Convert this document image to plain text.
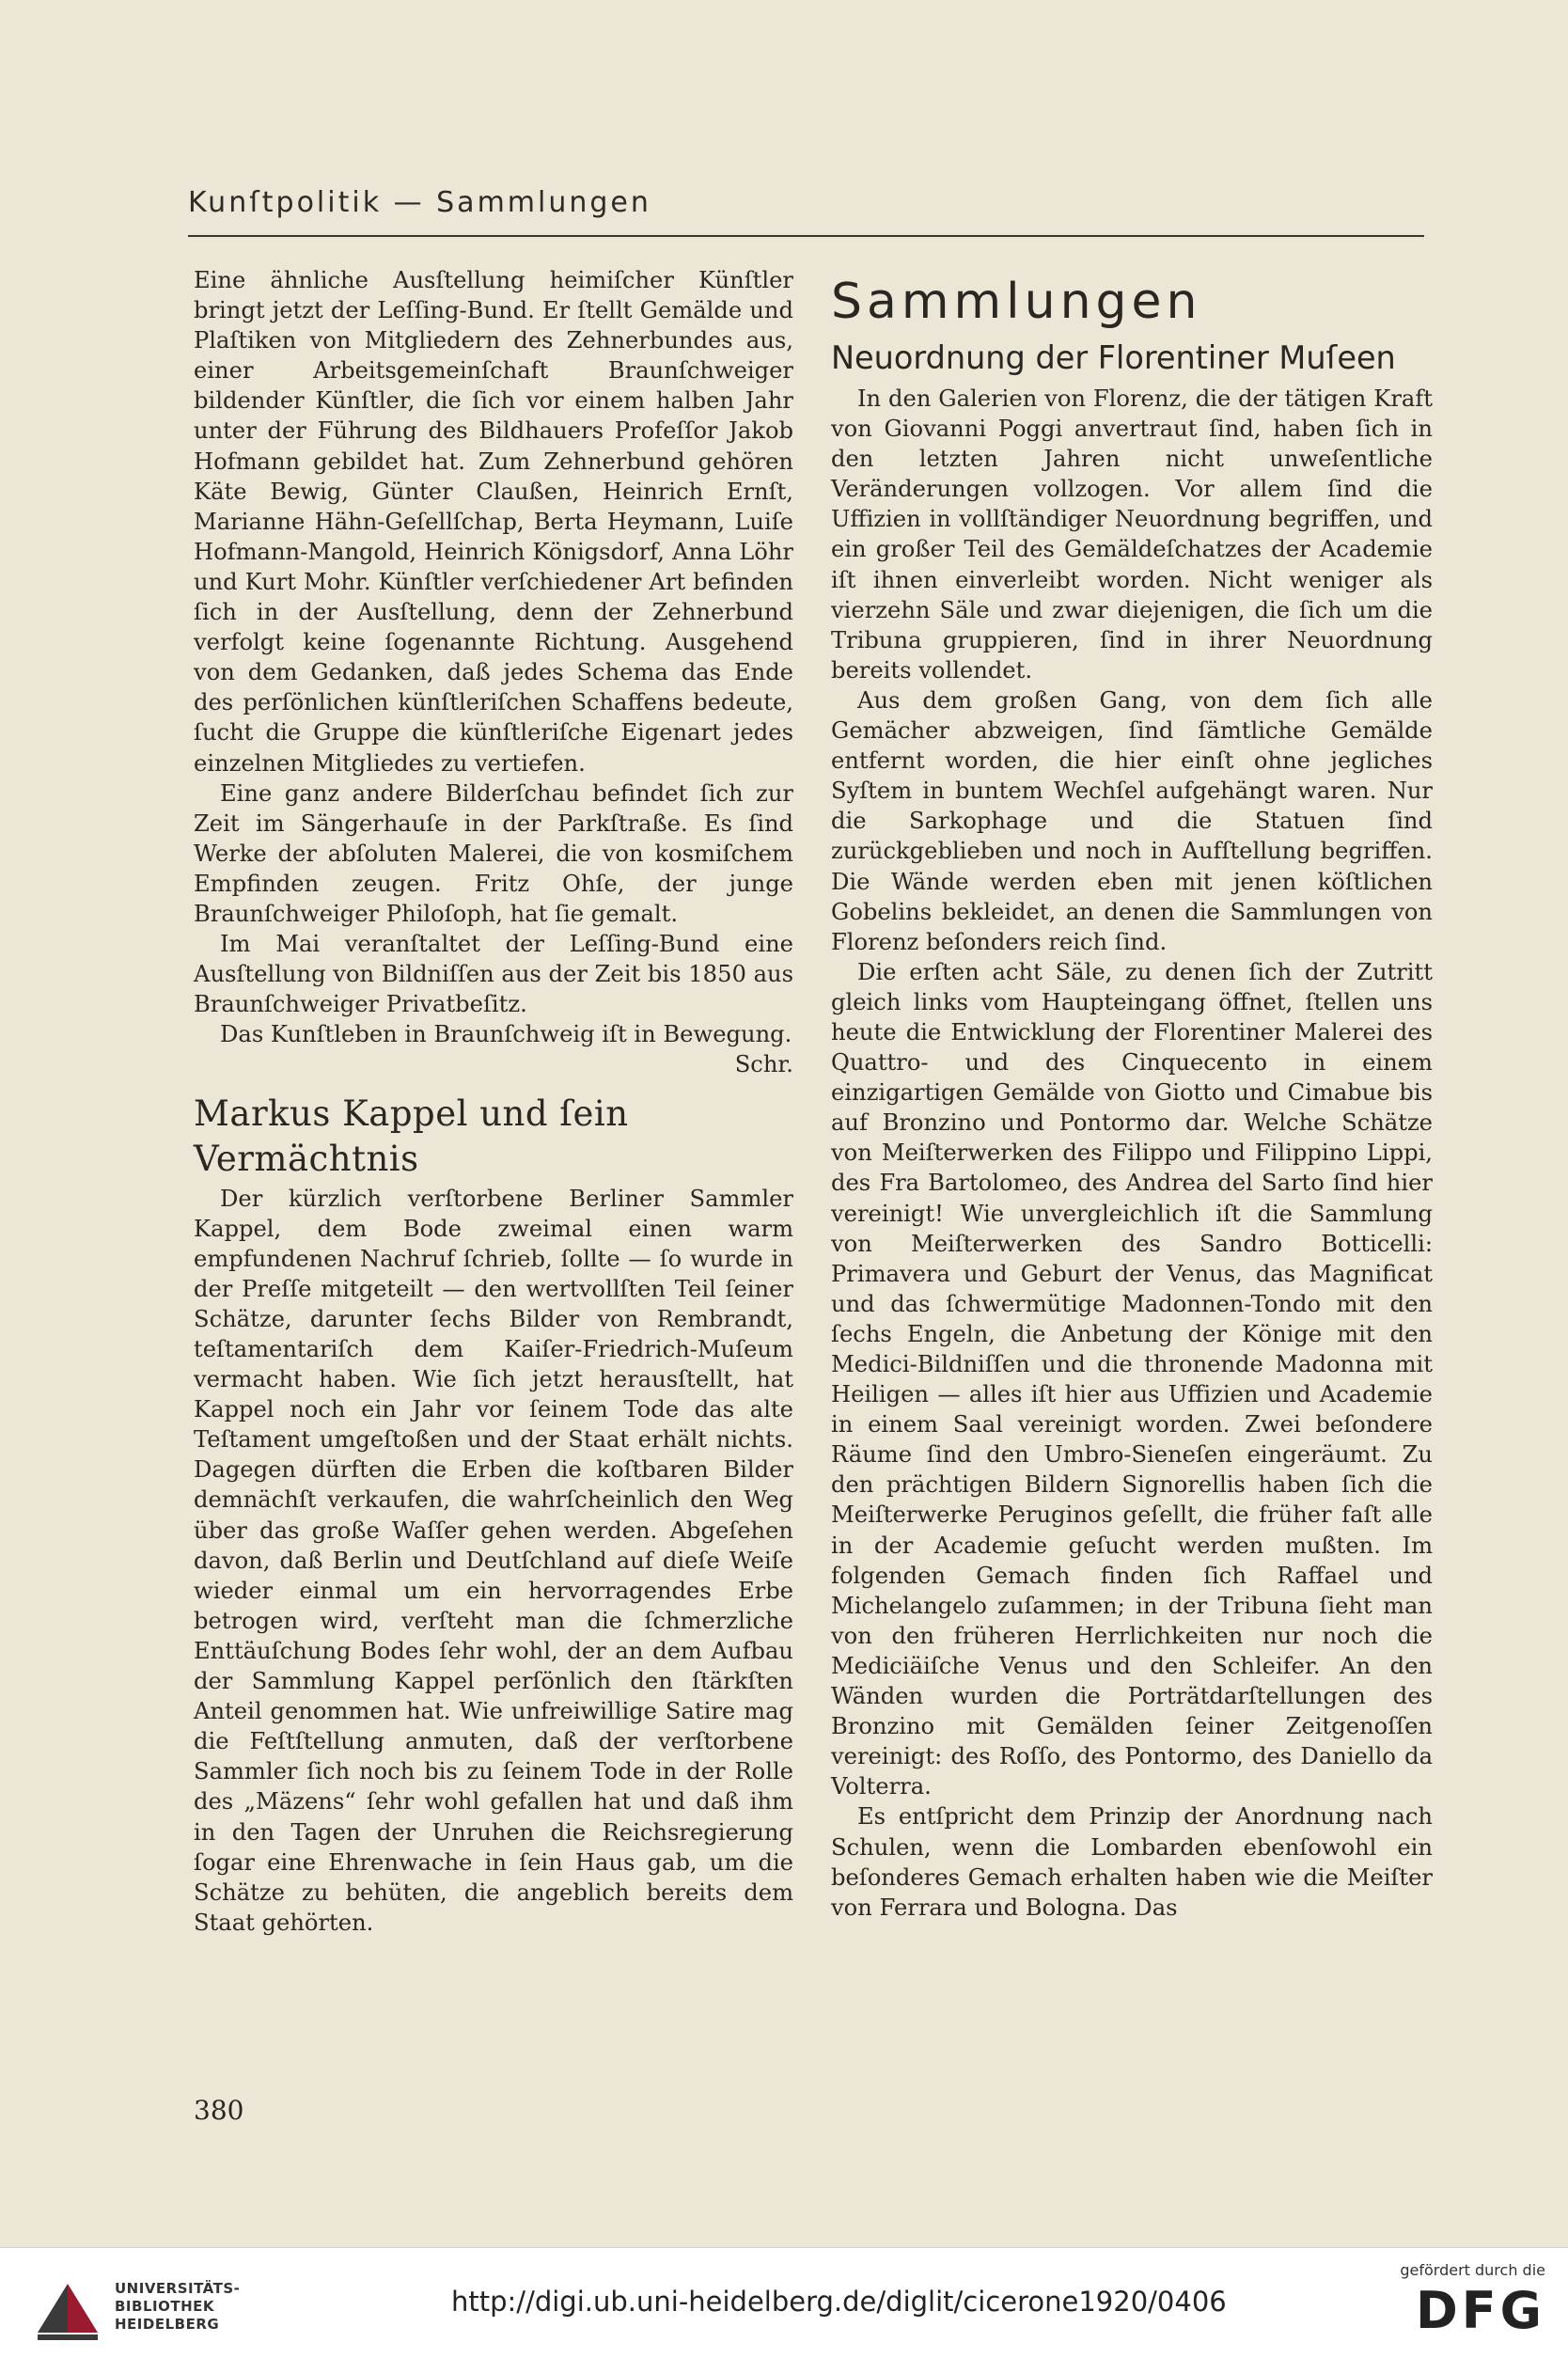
Kunſtpolitik — Sammlungen

Eine ähnliche Ausſtellung heimiſcher Künſtler bringt jetzt der Leſſing-Bund. Er ſtellt Gemälde und Plaſtiken von Mitgliedern des Zehnerbundes aus, einer Arbeitsgemeinſchaft Braunſchweiger bildender Künſtler, die ſich vor einem halben Jahr unter der Führung des Bildhauers Profeſſor Jakob Hofmann gebildet hat. Zum Zehnerbund gehören Käte Bewig, Günter Claußen, Heinrich Ernſt, Marianne Hähn-Geſellſchap, Berta Heymann, Luiſe Hofmann-Mangold, Heinrich Königsdorf, Anna Löhr und Kurt Mohr. Künſtler verſchiedener Art befinden ſich in der Ausſtellung, denn der Zehnerbund verfolgt keine ſogenannte Richtung. Ausgehend von dem Gedanken, daß jedes Schema das Ende des perſönlichen künſtleriſchen Schaffens bedeute, ſucht die Gruppe die künſtleriſche Eigenart jedes einzelnen Mitgliedes zu vertiefen.

Eine ganz andere Bilderſchau befindet ſich zur Zeit im Sängerhauſe in der Parkſtraße. Es ſind Werke der abſoluten Malerei, die von kosmiſchem Empfinden zeugen. Fritz Ohſe, der junge Braunſchweiger Philoſoph, hat ſie gemalt.

Im Mai veranſtaltet der Leſſing-Bund eine Ausſtellung von Bildniſſen aus der Zeit bis 1850 aus Braunſchweiger Privatbeſitz.

Das Kunſtleben in Braunſchweig iſt in Bewegung.
Schr.

Markus Kappel und ſein Vermächtnis

Der kürzlich verſtorbene Berliner Sammler Kappel, dem Bode zweimal einen warm empfundenen Nachruf ſchrieb, ſollte — ſo wurde in der Preſſe mitgeteilt — den wertvollſten Teil ſeiner Schätze, darunter ſechs Bilder von Rembrandt, teſtamentariſch dem Kaiſer-Friedrich-Muſeum vermacht haben. Wie ſich jetzt herausſtellt, hat Kappel noch ein Jahr vor ſeinem Tode das alte Teſtament umgeſtoßen und der Staat erhält nichts. Dagegen dürften die Erben die koſtbaren Bilder demnächſt verkaufen, die wahrſcheinlich den Weg über das große Waſſer gehen werden. Abgeſehen davon, daß Berlin und Deutſchland auf dieſe Weiſe wieder einmal um ein hervorragendes Erbe betrogen wird, verſteht man die ſchmerzliche Enttäuſchung Bodes ſehr wohl, der an dem Aufbau der Sammlung Kappel perſönlich den ſtärkſten Anteil genommen hat. Wie unfreiwillige Satire mag die Feſtſtellung anmuten, daß der verſtorbene Sammler ſich noch bis zu ſeinem Tode in der Rolle des „Mäzens“ ſehr wohl gefallen hat und daß ihm in den Tagen der Unruhen die Reichsregierung ſogar eine Ehrenwache in ſein Haus gab, um die Schätze zu behüten, die angeblich bereits dem Staat gehörten.

Sammlungen
Neuordnung der Florentiner Muſeen

In den Galerien von Florenz, die der tätigen Kraft von Giovanni Poggi anvertraut ſind, haben ſich in den letzten Jahren nicht unweſentliche Veränderungen vollzogen. Vor allem ſind die Uffizien in vollſtändiger Neuordnung begriffen, und ein großer Teil des Gemäldeſchatzes der Academie iſt ihnen einverleibt worden. Nicht weniger als vierzehn Säle und zwar diejenigen, die ſich um die Tribuna gruppieren, ſind in ihrer Neuordnung bereits vollendet.

Aus dem großen Gang, von dem ſich alle Gemächer abzweigen, ſind ſämtliche Gemälde entfernt worden, die hier einſt ohne jegliches Syſtem in buntem Wechſel aufgehängt waren. Nur die Sarkophage und die Statuen ſind zurückgeblieben und noch in Aufſtellung begriffen. Die Wände werden eben mit jenen köſtlichen Gobelins bekleidet, an denen die Sammlungen von Florenz beſonders reich ſind.

Die erſten acht Säle, zu denen ſich der Zutritt gleich links vom Haupteingang öffnet, ſtellen uns heute die Entwicklung der Florentiner Malerei des Quattro- und des Cinquecento in einem einzigartigen Gemälde von Giotto und Cimabue bis auf Bronzino und Pontormo dar. Welche Schätze von Meiſterwerken des Filippo und Filippino Lippi, des Fra Bartolomeo, des Andrea del Sarto ſind hier vereinigt! Wie unvergleichlich iſt die Sammlung von Meiſterwerken des Sandro Botticelli: Primavera und Geburt der Venus, das Magnificat und das ſchwermütige Madonnen-Tondo mit den ſechs Engeln, die Anbetung der Könige mit den Medici-Bildniſſen und die thronende Madonna mit Heiligen — alles iſt hier aus Uffizien und Academie in einem Saal vereinigt worden. Zwei beſondere Räume ſind den Umbro-Sieneſen eingeräumt. Zu den prächtigen Bildern Signorellis haben ſich die Meiſterwerke Peruginos geſellt, die früher faſt alle in der Academie geſucht werden mußten. Im folgenden Gemach finden ſich Raffael und Michelangelo zuſammen; in der Tribuna ſieht man von den früheren Herrlichkeiten nur noch die Mediciäiſche Venus und den Schleifer. An den Wänden wurden die Porträtdarſtellungen des Bronzino mit Gemälden ſeiner Zeitgenoſſen vereinigt: des Roſſo, des Pontormo, des Daniello da Volterra.

Es entſpricht dem Prinzip der Anordnung nach Schulen, wenn die Lombarden ebenſowohl ein beſonderes Gemach erhalten haben wie die Meiſter von Ferrara und Bologna. Das

380
UNIVERSITÄTS-
BIBLIOTHEK
HEIDELBERG
http://digi.ub.uni-heidelberg.de/diglit/cicerone1920/0406
gefördert durch die
DFG
